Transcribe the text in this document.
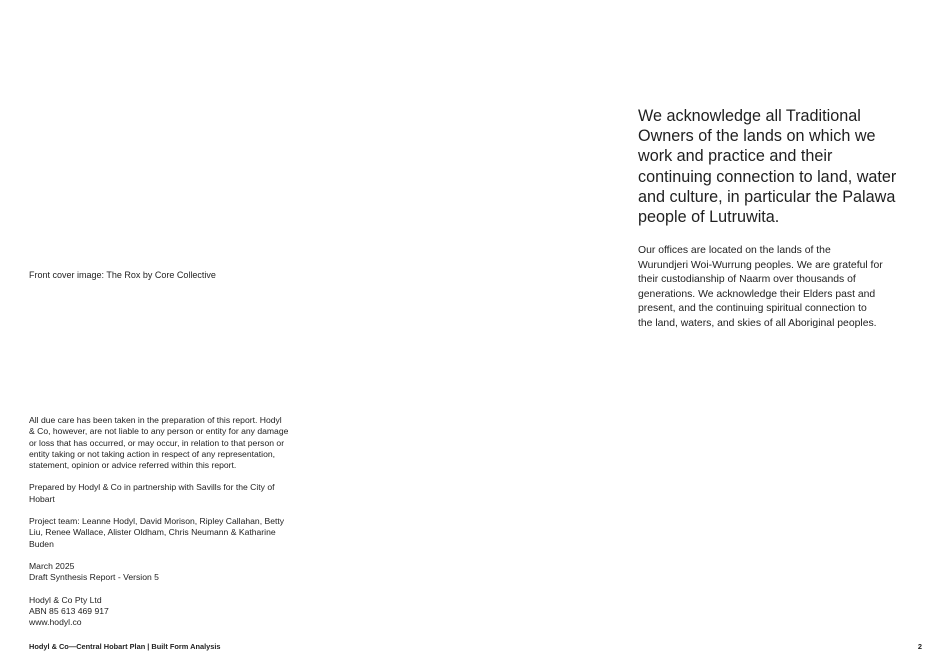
Front cover image: The Rox by Core Collective

All due care has been taken in the preparation of this report. Hodyl
& Co, however, are not liable to any person or entity for any damage
or loss that has occurred, or may occur, in relation to that person or
entity taking or not taking action in respect of any representation,
statement, opinion or advice referred within this report.

Prepared by Hodyl & Co in partnership with Savills for the City of
Hobart

Project team: Leanne Hodyl, David Morison, Ripley Callahan, Betty
Liu, Renee Wallace, Alister Oldham, Chris Neumann & Katharine
Buden

March 2025
Draft Synthesis Report - Version 5

Hodyl & Co Pty Ltd
ABN 85 613 469 917
www.hodyl.co

We acknowledge all Traditional
Owners of the lands on which we
work and practice and their
continuing connection to land, water
and culture, in particular the Palawa
people of Lutruwita.
Our offices are located on the lands of the
Wurundjeri Woi-Wurrung peoples. We are grateful for
their custodianship of Naarm over thousands of
generations. We acknowledge their Elders past and
present, and the continuing spiritual connection to
the land, waters, and skies of all Aboriginal peoples.
Hodyl & Co—Central Hobart Plan | Built Form Analysis	2
